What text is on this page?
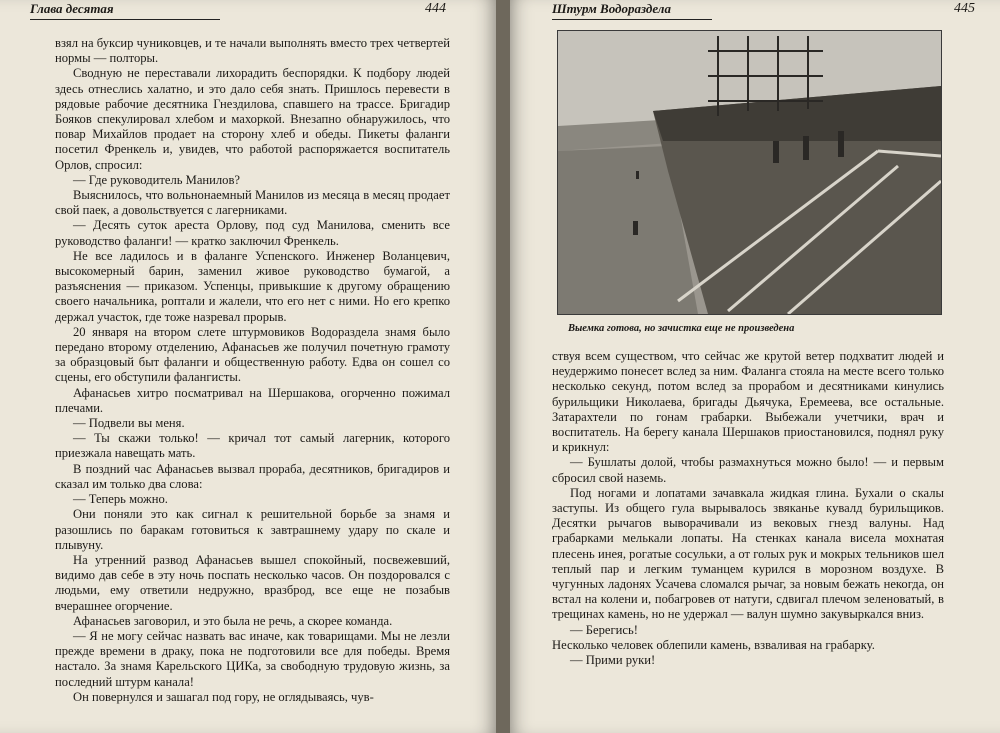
Глава десятая	444

взял на буксир чуниковцев, и те начали выполнять вместо трех четвертей нормы — полторы.

Сводную не переставали лихорадить беспорядки. К подбору людей здесь отнеслись халатно, и это дало себя знать. Пришлось перевести в рядовые рабочие десятника Гнездилова, спавшего на трассе. Бригадир Бояков спекулировал хлебом и махоркой. Внезапно обнаружилось, что повар Михайлов продает на сторону хлеб и обеды. Пикеты фаланги посетил Френкель и, увидев, что работой распоряжается воспитатель Орлов, спросил:

— Где руководитель Манилов?

Выяснилось, что вольнонаемный Манилов из месяца в месяц продает свой паек, а довольствуется с лагерниками.

— Десять суток ареста Орлову, под суд Манилова, сменить все руководство фаланги! — кратко заключил Френкель.

Не все ладилось и в фаланге Успенского. Инженер Воланцевич, высокомерный барин, заменил живое руководство бумагой, а разъяснения — приказом. Успенцы, привыкшие к другому обращению своего начальника, роптали и жалели, что его нет с ними. Но его крепко держал участок, где тоже назревал прорыв.

20 января на втором слете штурмовиков Водораздела знамя было передано второму отделению, Афанасьев же получил почетную грамоту за образцовый быт фаланги и общественную работу. Едва он сошел со сцены, его обступили фалангисты.

Афанасьев хитро посматривал на Шершакова, огорченно пожимал плечами.

— Подвели вы меня.

— Ты скажи только! — кричал тот самый лагерник, которого приезжала навещать мать.

В поздний час Афанасьев вызвал прораба, десятников, бригадиров и сказал им только два слова:

— Теперь можно.

Они поняли это как сигнал к решительной борьбе за знамя и разошлись по баракам готовиться к завтрашнему удару по скале и плывуну.

На утренний развод Афанасьев вышел спокойный, посвежевший, видимо дав себе в эту ночь поспать несколько часов. Он поздоровался с людьми, ему ответили недружно, вразброд, все еще не позабыв вчерашнее огорчение.

Афанасьев заговорил, и это была не речь, а скорее команда.

— Я не могу сейчас назвать вас иначе, как товарищами. Мы не лезли прежде времени в драку, пока не подготовили все для победы. Время настало. За знамя Карельского ЦИКа, за свободную трудовую жизнь, за последний штурм канала!

Он повернулся и зашагал под гору, не оглядываясь, чув-

Штурм Водораздела	445
Выемка готова, но зачистка еще не произведена

ствуя всем существом, что сейчас же крутой ветер подхватит людей и неудержимо понесет вслед за ним. Фаланга стояла на месте всего только несколько секунд, потом вслед за прорабом и десятниками кинулись бурильщики Николаева, бригады Дьячука, Еремеева, все остальные. Затарахтели по гонам грабарки. Выбежали учетчики, врач и воспитатель. На берегу канала Шершаков приостановился, поднял руку и крикнул:

— Бушлаты долой, чтобы размахнуться можно было! — и первым сбросил свой наземь.

Под ногами и лопатами зачавкала жидкая глина. Бухали о скалы заступы. Из общего гула вырывалось звяканье кувалд бурильщиков. Десятки рычагов выворачивали из вековых гнезд валуны. Над грабарками мелькали лопаты. На стенках канала висела мохнатая плесень инея, рогатые сосульки, а от голых рук и мокрых тельников шел теплый пар и легким туманцем курился в морозном воздухе. В чугунных ладонях Усачева сломался рычаг, за новым бежать некогда, он встал на колени и, побагровев от натуги, сдвигал плечом зеленоватый, в трещинах камень, но не удержал — валун шумно закувыркался вниз.

— Берегись!

Несколько человек облепили камень, взваливая на грабарку.

— Прими руки!
